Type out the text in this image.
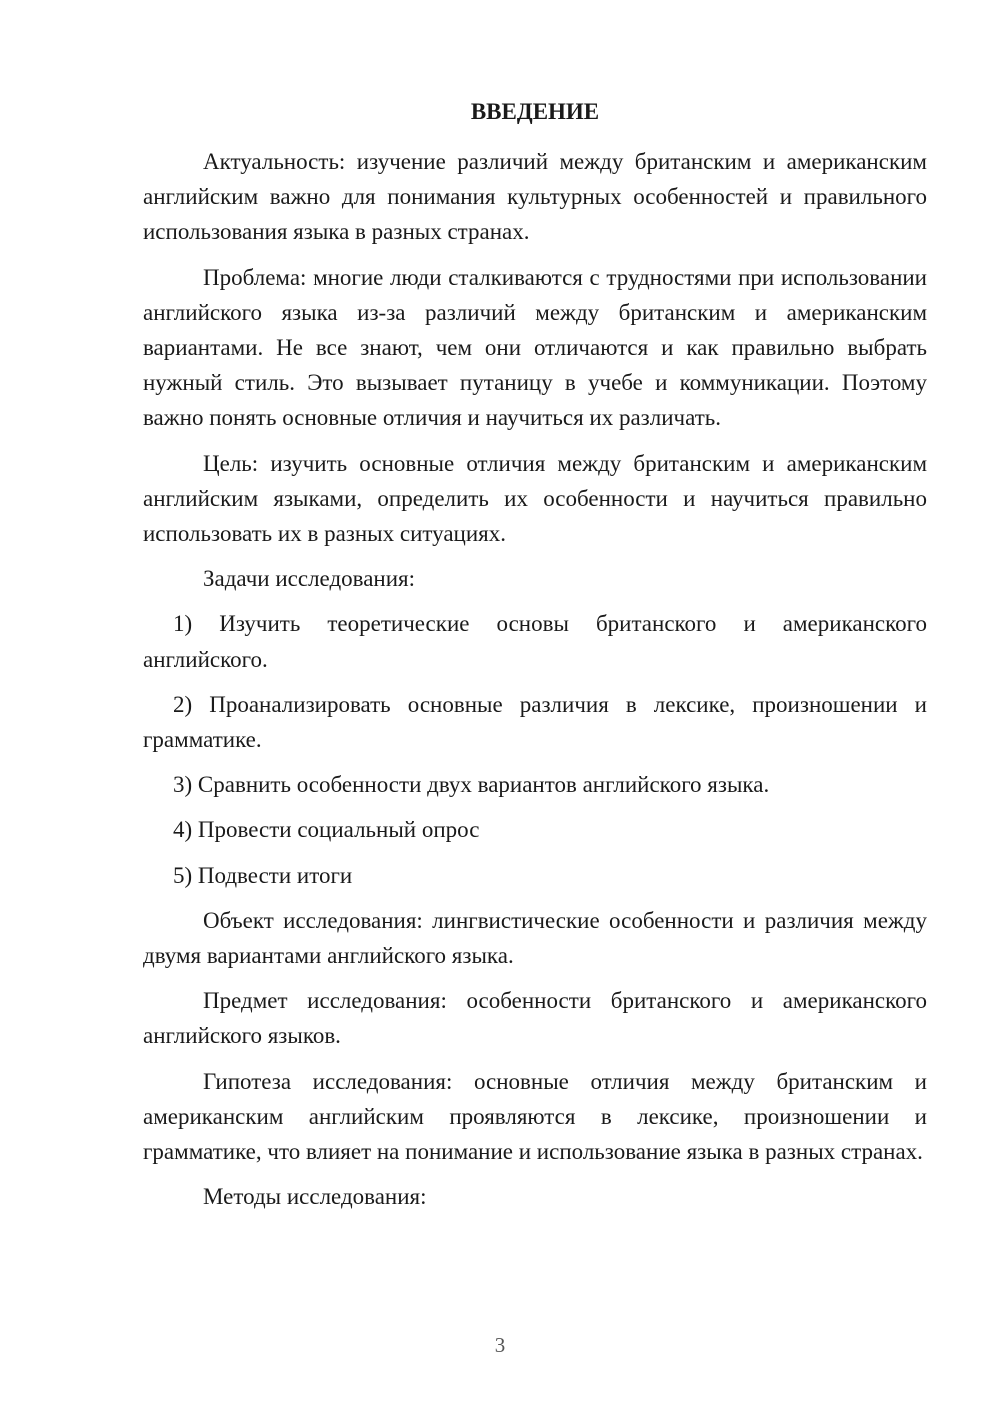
ВВЕДЕНИЕ

Актуальность: изучение различий между британским и американским английским важно для понимания культурных особенностей и правильного использования языка в разных странах.

Проблема: многие люди сталкиваются с трудностями при использовании английского языка из-за различий между британским и американским вариантами. Не все знают, чем они отличаются и как правильно выбрать нужный стиль. Это вызывает путаницу в учебе и коммуникации. Поэтому важно понять основные отличия и научиться их различать.

Цель: изучить основные отличия между британским и американским английским языками, определить их особенности и научиться правильно использовать их в разных ситуациях.

Задачи исследования:

1) Изучить теоретические основы британского и американского английского.

2) Проанализировать основные различия в лексике, произношении и грамматике.

3) Сравнить особенности двух вариантов английского языка.

4) Провести социальный опрос

5) Подвести итоги

Объект исследования: лингвистические особенности и различия между двумя вариантами английского языка.

Предмет исследования: особенности британского и американского английского языков.

Гипотеза исследования: основные отличия между британским и американским английским проявляются в лексике, произношении и грамматике, что влияет на понимание и использование языка в разных странах.

Методы исследования:

3
